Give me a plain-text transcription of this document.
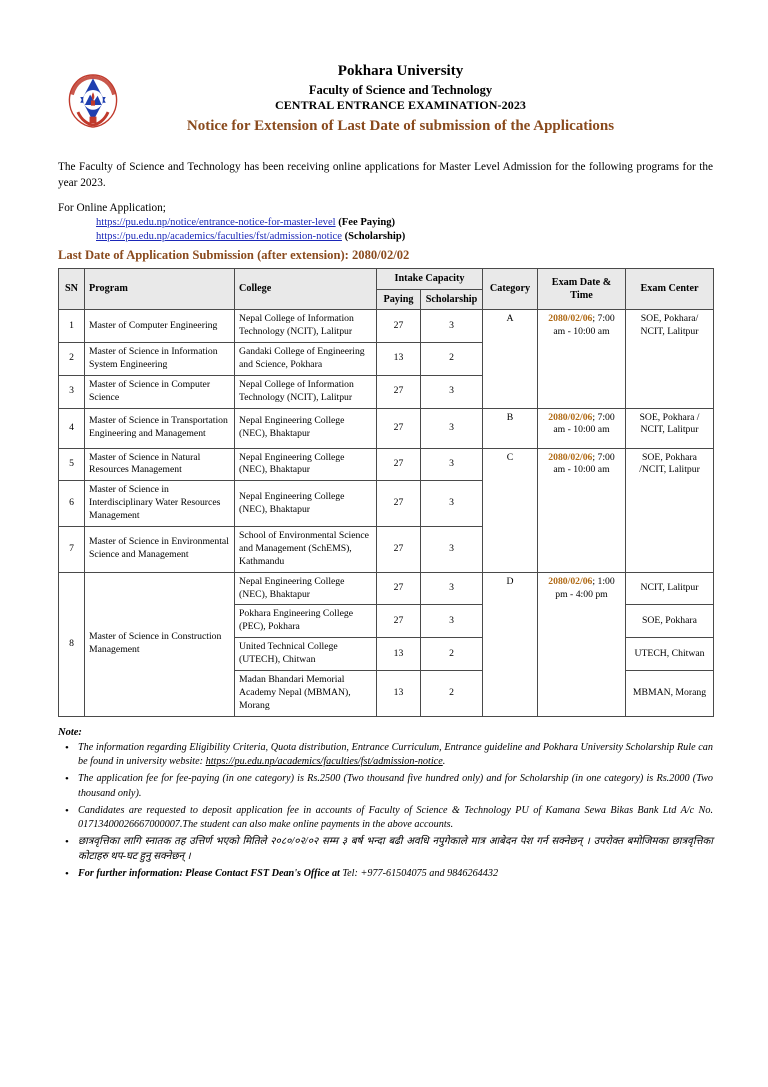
Pokhara University
Faculty of Science and Technology
CENTRAL ENTRANCE EXAMINATION-2023
Notice for Extension of Last Date of submission of the Applications
The Faculty of Science and Technology has been receiving online applications for Master Level Admission for the following programs for the year 2023.
For Online Application;
https://pu.edu.np/notice/entrance-notice-for-master-level (Fee Paying)
https://pu.edu.np/academics/faculties/fst/admission-notice (Scholarship)
Last Date of Application Submission (after extension): 2080/02/02
SN	Program	College	Intake Capacity		Category	Exam Date & Time	Exam Center
			Paying	Scholarship			
1	Master of Computer Engineering	Nepal College of Information Technology (NCIT), Lalitpur	27	3	A	2080/02/06; 7:00 am - 10:00 am	SOE, Pokhara/ NCIT, Lalitpur
2	Master of Science in Information System Engineering	Gandaki College of Engineering and Science, Pokhara	13	2			
3	Master of Science in Computer Science	Nepal College of Information Technology (NCIT), Lalitpur	27	3			
4	Master of Science in Transportation Engineering and Management	Nepal Engineering College (NEC), Bhaktapur	27	3	B	2080/02/06; 7:00 am - 10:00 am	SOE, Pokhara / NCIT, Lalitpur
5	Master of Science in Natural Resources Management	Nepal Engineering College (NEC), Bhaktapur	27	3	C	2080/02/06; 7:00 am - 10:00 am	SOE, Pokhara /NCIT, Lalitpur
6	Master of Science in Interdisciplinary Water Resources Management	Nepal Engineering College (NEC), Bhaktapur	27	3			
7	Master of Science in Environmental Science and Management	School of Environmental Science and Management (SchEMS), Kathmandu	27	3			
8	Master of Science in Construction Management	Nepal Engineering College (NEC), Bhaktapur	27	3	D	2080/02/06; 1:00 pm - 4:00 pm	NCIT, Lalitpur
		Pokhara Engineering College (PEC), Pokhara	27	3			SOE, Pokhara
		United Technical College (UTECH), Chitwan	13	2			UTECH, Chitwan
		Madan Bhandari Memorial Academy Nepal (MBMAN), Morang	13	2			MBMAN, Morang
Note:
• The information regarding Eligibility Criteria, Quota distribution, Entrance Curriculum, Entrance guideline and Pokhara University Scholarship Rule can be found in university website: https://pu.edu.np/academics/faculties/fst/admission-notice.
• The application fee for fee-paying (in one category) is Rs.2500 (Two thousand five hundred only) and for Scholarship (in one category) is Rs.2000 (Two thousand only).
• Candidates are requested to deposit application fee in accounts of Faculty of Science & Technology PU of Kamana Sewa Bikas Bank Ltd A/c No. 01713400026667000007.The student can also make online payments in the above accounts.
• छात्रवृत्तिका लागि स्नातक तह उत्तिर्ण भएको मितिले २०८०/०२/०२ सम्म ३ बर्ष भन्दा बढी अवधि नपुगेकाले मात्र आबेदन पेश गर्न सक्नेछन् । उपरोक्त बमोजिमका छात्रवृत्तिका कोटाहरु थप-घट हुनु सक्नेछन् ।
• For further information: Please Contact FST Dean's Office at Tel: +977-61504075 and 9846264432
